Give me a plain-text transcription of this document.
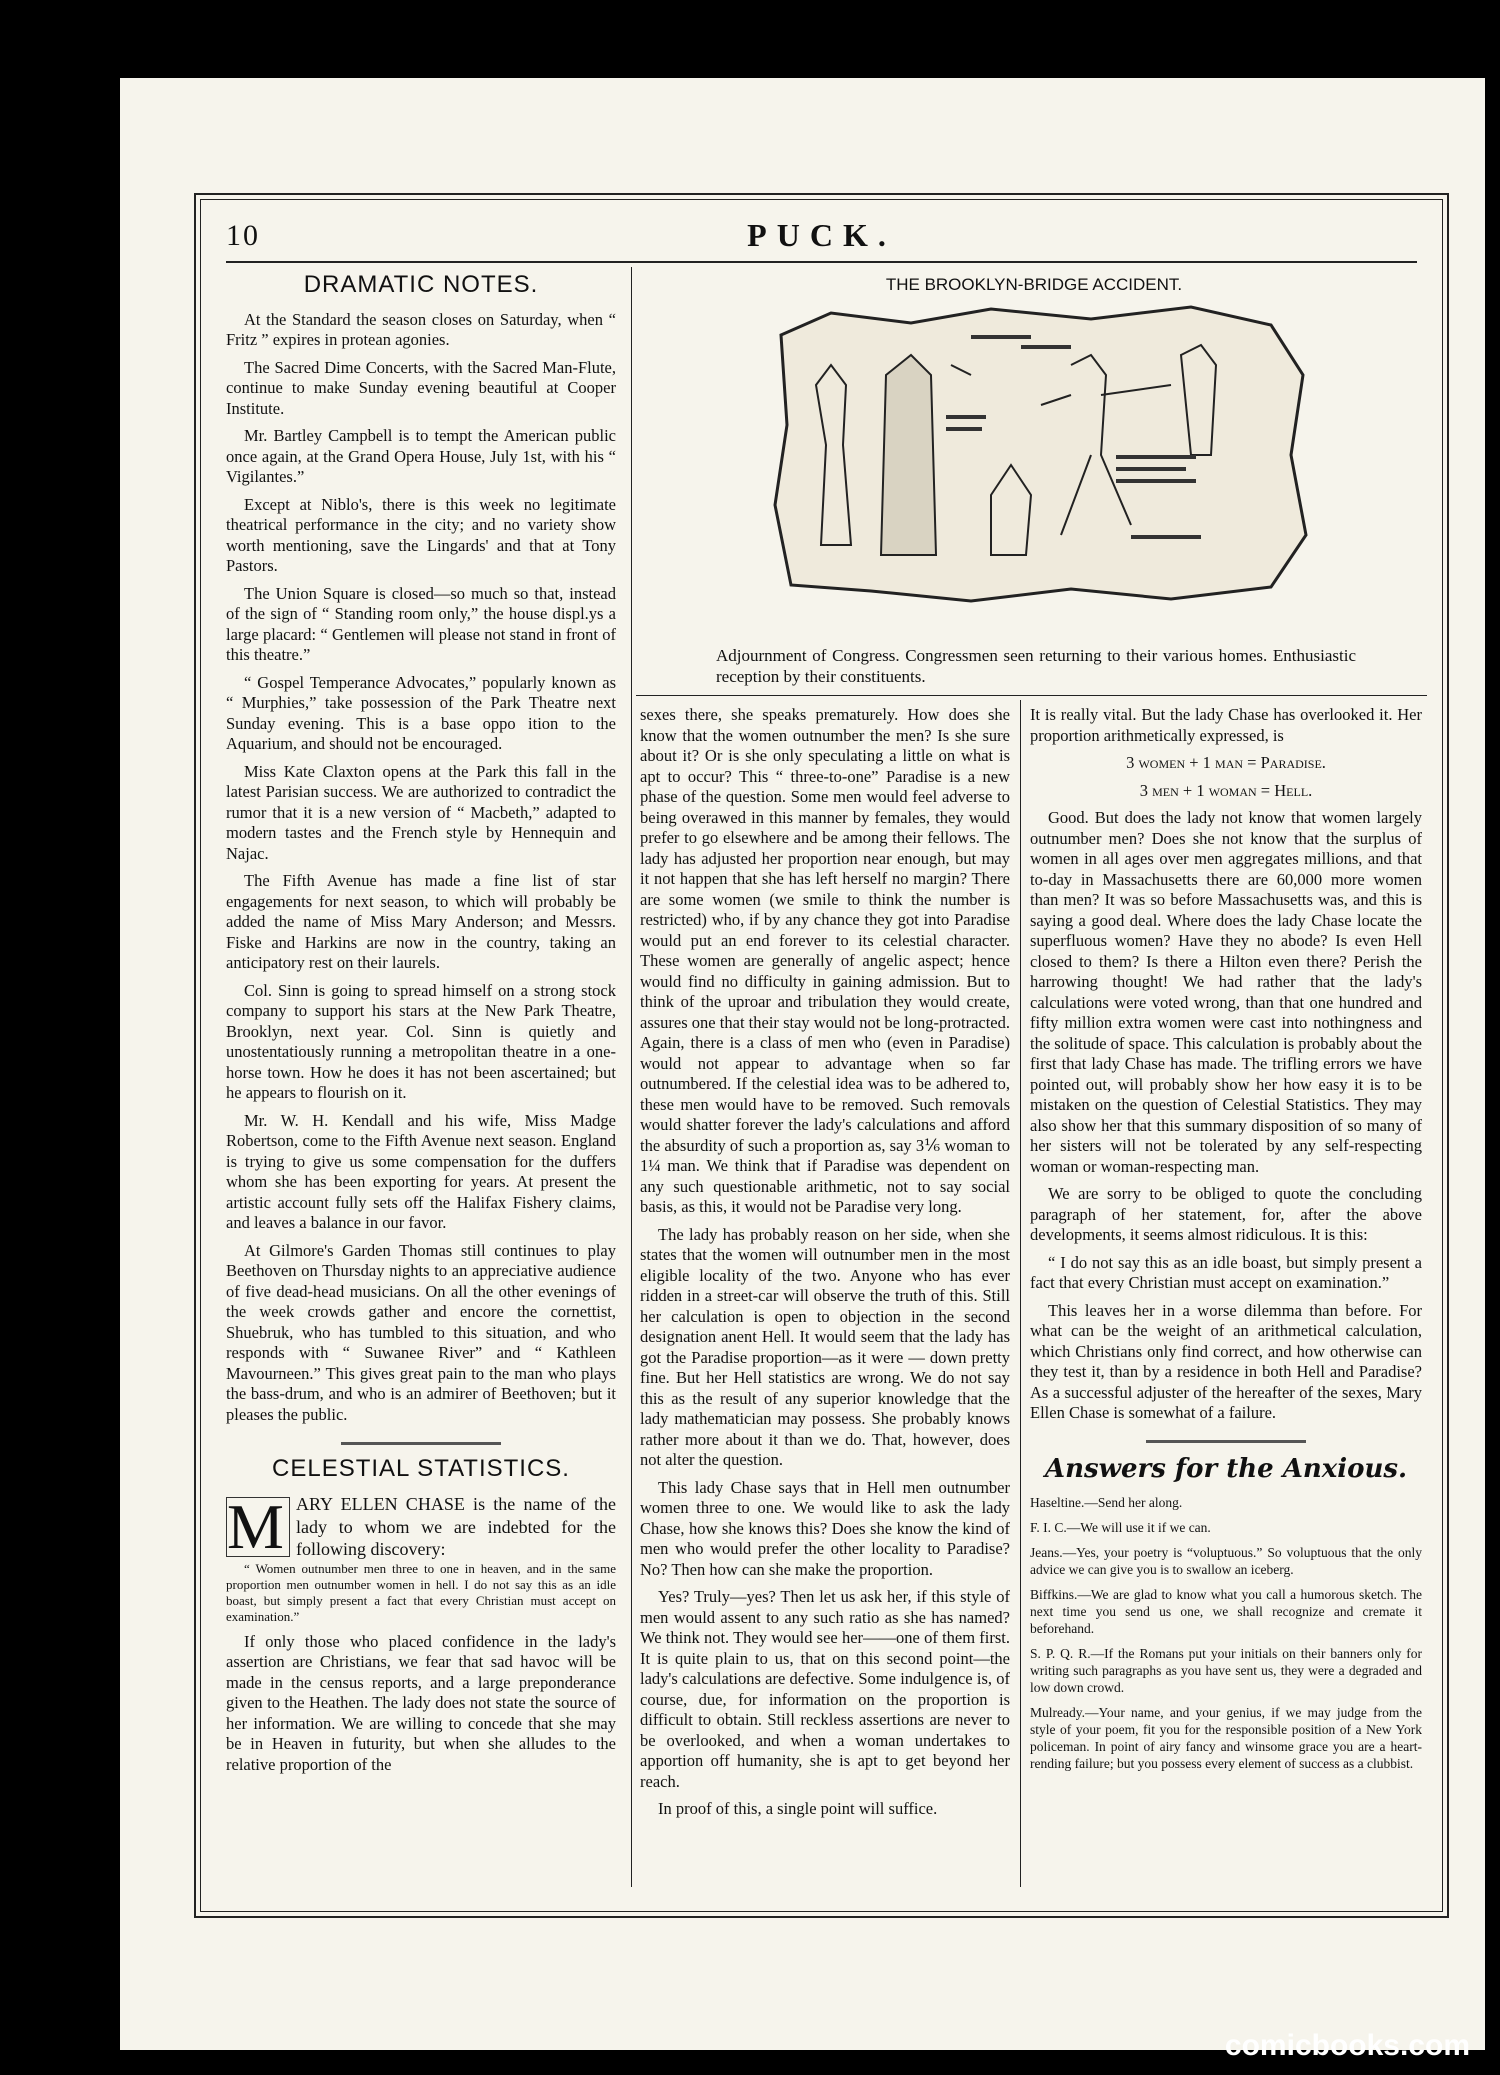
10	PUCK.
DRAMATIC NOTES.

At the Standard the season closes on Saturday, when “ Fritz ” expires in protean agonies.

The Sacred Dime Concerts, with the Sacred Man-Flute, continue to make Sunday evening beautiful at Cooper Institute.

Mr. Bartley Campbell is to tempt the American public once again, at the Grand Opera House, July 1st, with his “ Vigilantes.”

Except at Niblo's, there is this week no legitimate theatrical performance in the city; and no variety show worth mentioning, save the Lingards' and that at Tony Pastors.

The Union Square is closed—so much so that, instead of the sign of “ Standing room only,” the house displ.ys a large placard: “ Gentlemen will please not stand in front of this theatre.”

“ Gospel Temperance Advocates,” popularly known as “ Murphies,” take possession of the Park Theatre next Sunday evening. This is a base oppo ition to the Aquarium, and should not be encouraged.

Miss Kate Claxton opens at the Park this fall in the latest Parisian success. We are authorized to contradict the rumor that it is a new version of “ Macbeth,” adapted to modern tastes and the French style by Hennequin and Najac.

The Fifth Avenue has made a fine list of star engagements for next season, to which will probably be added the name of Miss Mary Anderson; and Messrs. Fiske and Harkins are now in the country, taking an anticipatory rest on their laurels.

Col. Sinn is going to spread himself on a strong stock company to support his stars at the New Park Theatre, Brooklyn, next year. Col. Sinn is quietly and unostentatiously running a metropolitan theatre in a one-horse town. How he does it has not been ascertained; but he appears to flourish on it.

Mr. W. H. Kendall and his wife, Miss Madge Robertson, come to the Fifth Avenue next season. England is trying to give us some compensation for the duffers whom she has been exporting for years. At present the artistic account fully sets off the Halifax Fishery claims, and leaves a balance in our favor.

At Gilmore's Garden Thomas still continues to play Beethoven on Thursday nights to an appreciative audience of five dead-head musicians. On all the other evenings of the week crowds gather and encore the cornettist, Shuebruk, who has tumbled to this situation, and who responds with “ Suwanee River” and “ Kathleen Mavourneen.” This gives great pain to the man who plays the bass-drum, and who is an admirer of Beethoven; but it pleases the public.

CELESTIAL STATISTICS.
M ARY ELLEN CHASE is the name of the lady to whom we are indebted for the following discovery:

“ Women outnumber men three to one in heaven, and in the same proportion men outnumber women in hell. I do not say this as an idle boast, but simply present a fact that every Christian must accept on examination.”

If only those who placed confidence in the lady's assertion are Christians, we fear that sad havoc will be made in the census reports, and a large preponderance given to the Heathen. The lady does not state the source of her information. We are willing to concede that she may be in Heaven in futurity, but when she alludes to the relative proportion of the

THE BROOKLYN-BRIDGE ACCIDENT.
Adjournment of Congress. Congressmen seen returning to their various homes. Enthusiastic reception by their constituents.

sexes there, she speaks prematurely. How does she know that the women outnumber the men? Is she sure about it? Or is she only speculating a little on what is apt to occur? This “ three-to-one” Paradise is a new phase of the question. Some men would feel adverse to being overawed in this manner by females, they would prefer to go elsewhere and be among their fellows. The lady has adjusted her proportion near enough, but may it not happen that she has left herself no margin? There are some women (we smile to think the number is restricted) who, if by any chance they got into Paradise would put an end forever to its celestial character. These women are generally of angelic aspect; hence would find no difficulty in gaining admission. But to think of the uproar and tribulation they would create, assures one that their stay would not be long-protracted. Again, there is a class of men who (even in Paradise) would not appear to advantage when so far outnumbered. If the celestial idea was to be adhered to, these men would have to be removed. Such removals would shatter forever the lady's calculations and afford the absurdity of such a proportion as, say 3⅙ woman to 1¼ man. We think that if Paradise was dependent on any such questionable arithmetic, not to say social basis, as this, it would not be Paradise very long.

The lady has probably reason on her side, when she states that the women will outnumber men in the most eligible locality of the two. Anyone who has ever ridden in a street-car will observe the truth of this. Still her calculation is open to objection in the second designation anent Hell. It would seem that the lady has got the Paradise proportion—as it were — down pretty fine. But her Hell statistics are wrong. We do not say this as the result of any superior knowledge that the lady mathematician may possess. She probably knows rather more about it than we do. That, however, does not alter the question.

This lady Chase says that in Hell men outnumber women three to one. We would like to ask the lady Chase, how she knows this? Does she know the kind of men who would prefer the other locality to Paradise? No? Then how can she make the proportion.

Yes? Truly—yes? Then let us ask her, if this style of men would assent to any such ratio as she has named? We think not. They would see her——one of them first. It is quite plain to us, that on this second point—the lady's calculations are defective. Some indulgence is, of course, due, for information on the proportion is difficult to obtain. Still reckless assertions are never to be overlooked, and when a woman undertakes to apportion off humanity, she is apt to get beyond her reach.

In proof of this, a single point will suffice.

It is really vital. But the lady Chase has overlooked it. Her proportion arithmetically expressed, is

3 women + 1 man = Paradise.

3 men + 1 woman = Hell.

Good. But does the lady not know that women largely outnumber men? Does she not know that the surplus of women in all ages over men aggregates millions, and that to-day in Massachusetts there are 60,000 more women than men? It was so before Massachusetts was, and this is saying a good deal. Where does the lady Chase locate the superfluous women? Have they no abode? Is even Hell closed to them? Is there a Hilton even there? Perish the harrowing thought! We had rather that the lady's calculations were voted wrong, than that one hundred and fifty million extra women were cast into nothingness and the solitude of space. This calculation is probably about the first that lady Chase has made. The trifling errors we have pointed out, will probably show her how easy it is to be mistaken on the question of Celestial Statistics. They may also show her that this summary disposition of so many of her sisters will not be tolerated by any self-respecting woman or woman-respecting man.

We are sorry to be obliged to quote the concluding paragraph of her statement, for, after the above developments, it seems almost ridiculous. It is this:

“ I do not say this as an idle boast, but simply present a fact that every Christian must accept on examination.”

This leaves her in a worse dilemma than before. For what can be the weight of an arithmetical calculation, which Christians only find correct, and how otherwise can they test it, than by a residence in both Hell and Paradise? As a successful adjuster of the hereafter of the sexes, Mary Ellen Chase is somewhat of a failure.

Answers for the Anxious.

Haseltine.—Send her along.

F. I. C.—We will use it if we can.

Jeans.—Yes, your poetry is “voluptuous.” So voluptuous that the only advice we can give you is to swallow an iceberg.

Biffkins.—We are glad to know what you call a humorous sketch. The next time you send us one, we shall recognize and cremate it beforehand.

S. P. Q. R.—If the Romans put your initials on their banners only for writing such paragraphs as you have sent us, they were a degraded and low down crowd.

Mulready.—Your name, and your genius, if we may judge from the style of your poem, fit you for the responsible position of a New York policeman. In point of airy fancy and winsome grace you are a heart-rending failure; but you possess every element of success as a clubbist.

comicbooks.com
